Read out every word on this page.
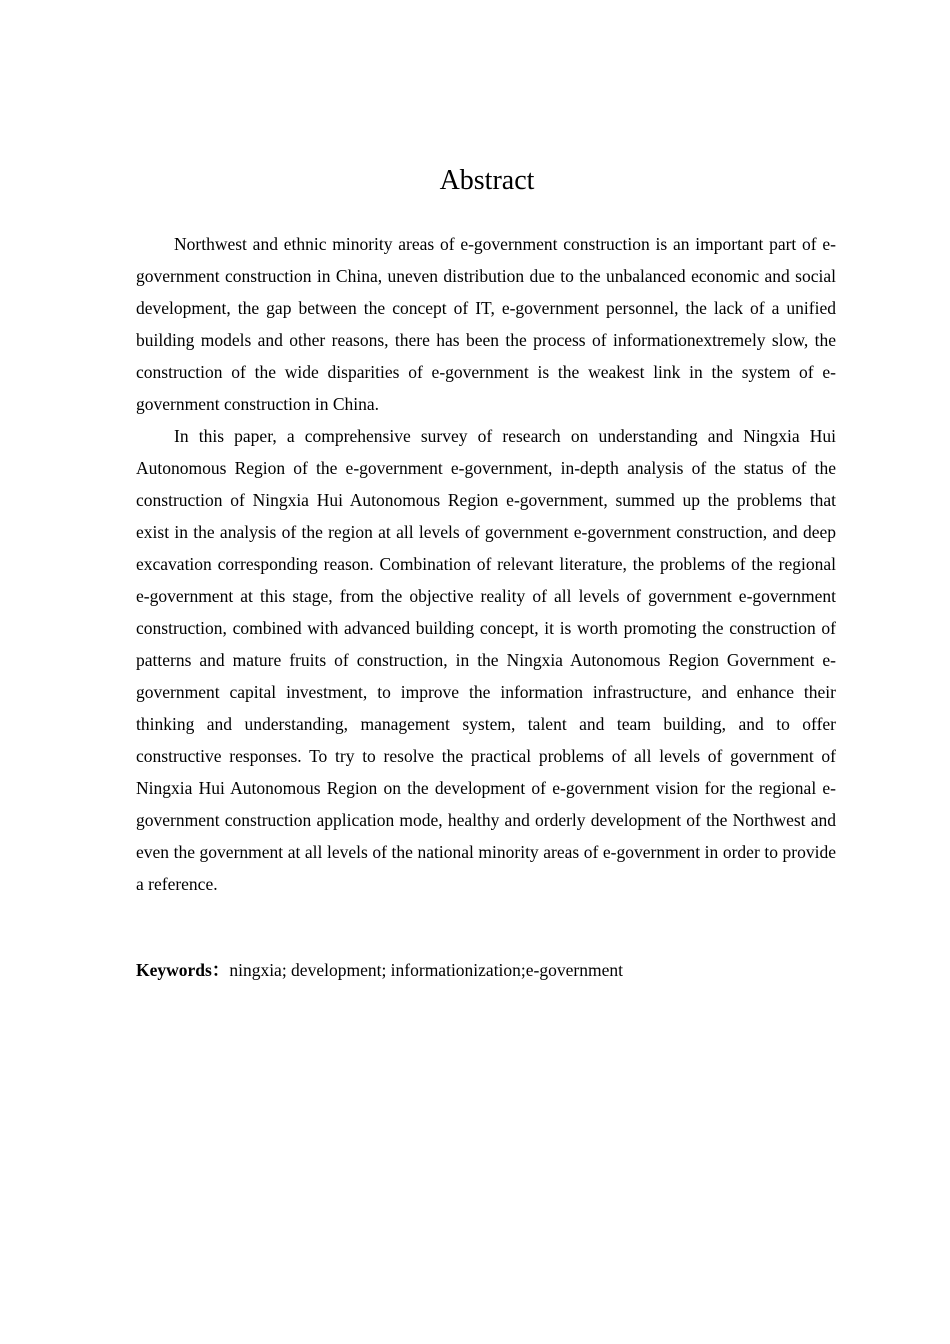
Abstract

Northwest and ethnic minority areas of e-government construction is an important part of e-government construction in China, uneven distribution due to the unbalanced economic and social development, the gap between the concept of IT, e-government personnel, the lack of a unified building models and other reasons, there has been the process of informationextremely slow, the construction of the wide disparities of e-government is the weakest link in the system of e-government construction in China.

In this paper, a comprehensive survey of research on understanding and Ningxia Hui Autonomous Region of the e-government e-government, in-depth analysis of the status of the construction of Ningxia Hui Autonomous Region e-government, summed up the problems that exist in the analysis of the region at all levels of government e-government construction, and deep excavation corresponding reason. Combination of relevant literature, the problems of the regional e-government at this stage, from the objective reality of all levels of government e-government construction, combined with advanced building concept, it is worth promoting the construction of patterns and mature fruits of construction, in the Ningxia Autonomous Region Government e-government capital investment, to improve the information infrastructure, and enhance their thinking and understanding, management system, talent and team building, and to offer constructive responses. To try to resolve the practical problems of all levels of government of Ningxia Hui Autonomous Region on the development of e-government vision for the regional e-government construction application mode, healthy and orderly development of the Northwest and even the government at all levels of the national minority areas of e-government in order to provide a reference.

Keywords：ningxia; development; informationization;e-government
